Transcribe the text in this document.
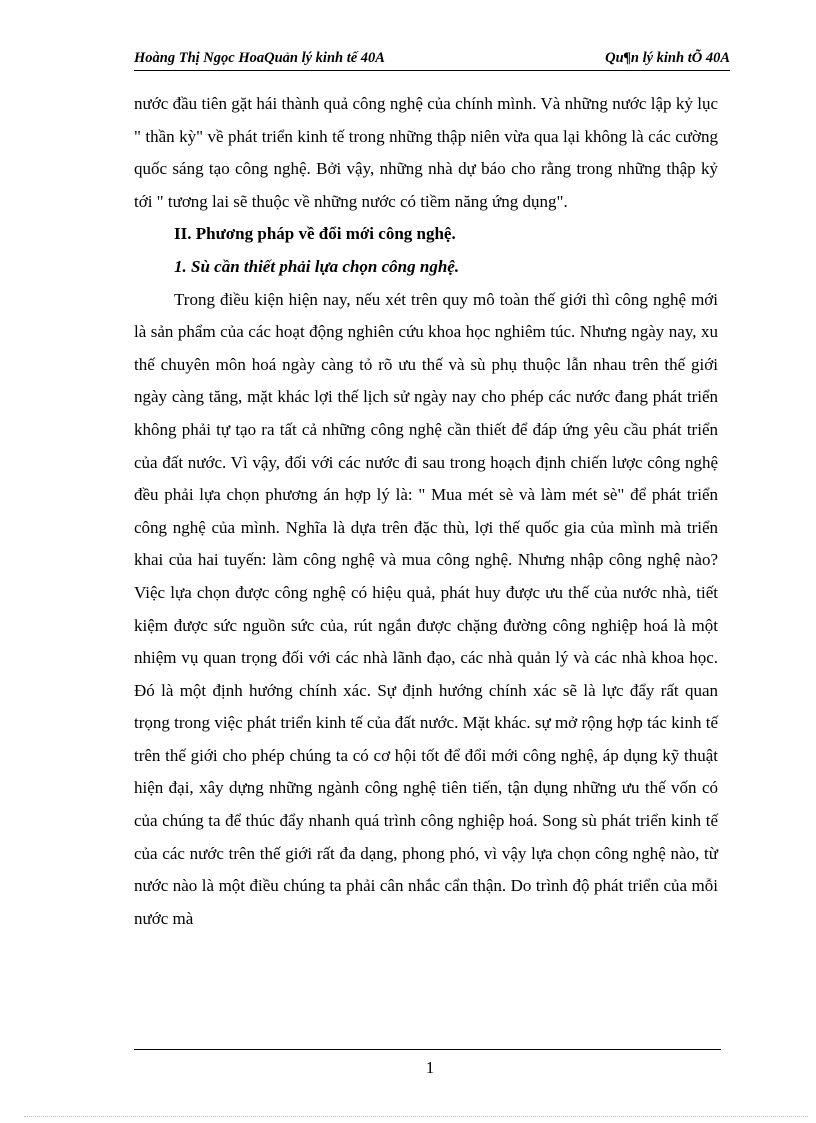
Hoàng Thị Ngọc HoaQuản lý kinh tế 40A	Qu¶n lý kinh tÕ 40A

nước đầu tiên gặt hái thành quả công nghệ của chính mình. Và những nước lập kỷ lục " thần kỳ" về phát triển kinh tế trong những thập niên vừa qua lại không là các cường quốc sáng tạo công nghệ. Bởi vậy, những nhà dự báo cho rằng trong những thập kỷ tới " tương lai sẽ thuộc về những nước có tiềm năng ứng dụng".

II. Phương pháp về đổi mới công nghệ.

1. Sù cần thiết phải lựa chọn công nghệ.

Trong điều kiện hiện nay, nếu xét trên quy mô toàn thế giới thì công nghệ mới là sản phẩm của các hoạt động nghiên cứu khoa học nghiêm túc. Nhưng ngày nay, xu thế chuyên môn hoá ngày càng tỏ rõ ưu thế và sù phụ thuộc lẫn nhau trên thế giới ngày càng tăng, mặt khác lợi thế lịch sử ngày nay cho phép các nước đang phát triển không phải tự tạo ra tất cả những công nghệ cần thiết để đáp ứng yêu cầu phát triển của đất nước. Vì vậy, đối với các nước đi sau trong hoạch định chiến lược công nghệ đều phải lựa chọn phương án hợp lý là: " Mua mét sè và làm mét sè" để phát triển công nghệ của mình. Nghĩa là dựa trên đặc thù, lợi thế quốc gia của mình mà triển khai của hai tuyến: làm công nghệ và mua công nghệ. Nhưng nhập công nghệ nào? Việc lựa chọn được công nghệ có hiệu quả, phát huy được ưu thế của nước nhà, tiết kiệm được sức nguồn sức của, rút ngắn được chặng đường công nghiệp hoá là một nhiệm vụ quan trọng đối với các nhà lãnh đạo, các nhà quản lý và các nhà khoa học. Đó là một định hướng chính xác. Sự định hướng chính xác sẽ là lực đẩy rất quan trọng trong việc phát triển kinh tế của đất nước. Mặt khác. sự mở rộng hợp tác kinh tế trên thế giới cho phép chúng ta có cơ hội tốt để đổi mới công nghệ, áp dụng kỹ thuật hiện đại, xây dựng những ngành công nghệ tiên tiến, tận dụng những ưu thế vốn có của chúng ta để thúc đẩy nhanh quá trình công nghiệp hoá. Song sù phát triển kinh tế của các nước trên thế giới rất đa dạng, phong phó, vì vậy lựa chọn công nghệ nào, từ nước nào là một điều chúng ta phải cân nhắc cẩn thận. Do trình độ phát triển của mỗi nước mà

1
